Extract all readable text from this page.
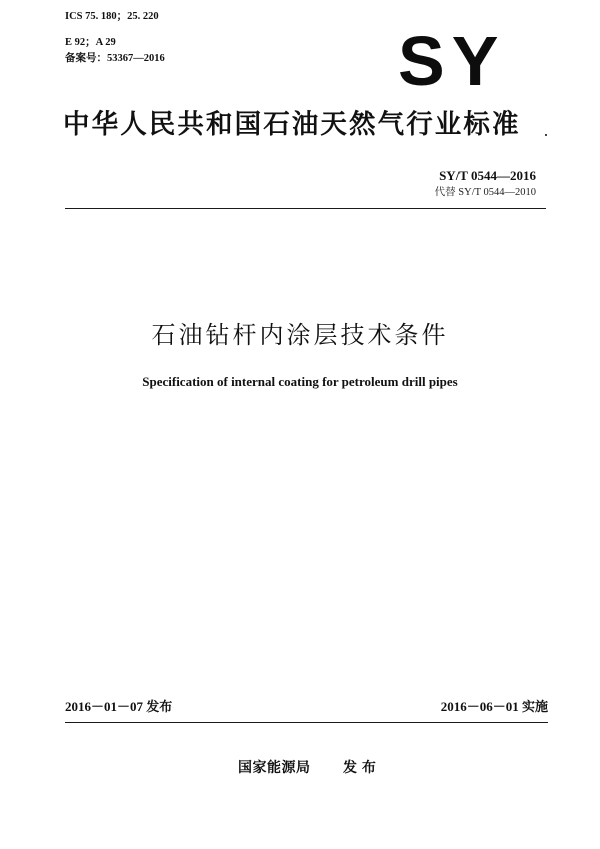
ICS 75. 180；25. 220
E 92；A 29
备案号：53367—2016	SY
中华人民共和国石油天然气行业标准
SY/T 0544—2016
代替 SY/T 0544—2010
石油钻杆内涂层技术条件
Specification of internal coating for petroleum drill pipes
2016－01－07 发布	2016－06－01 实施
国家能源局 发 布
